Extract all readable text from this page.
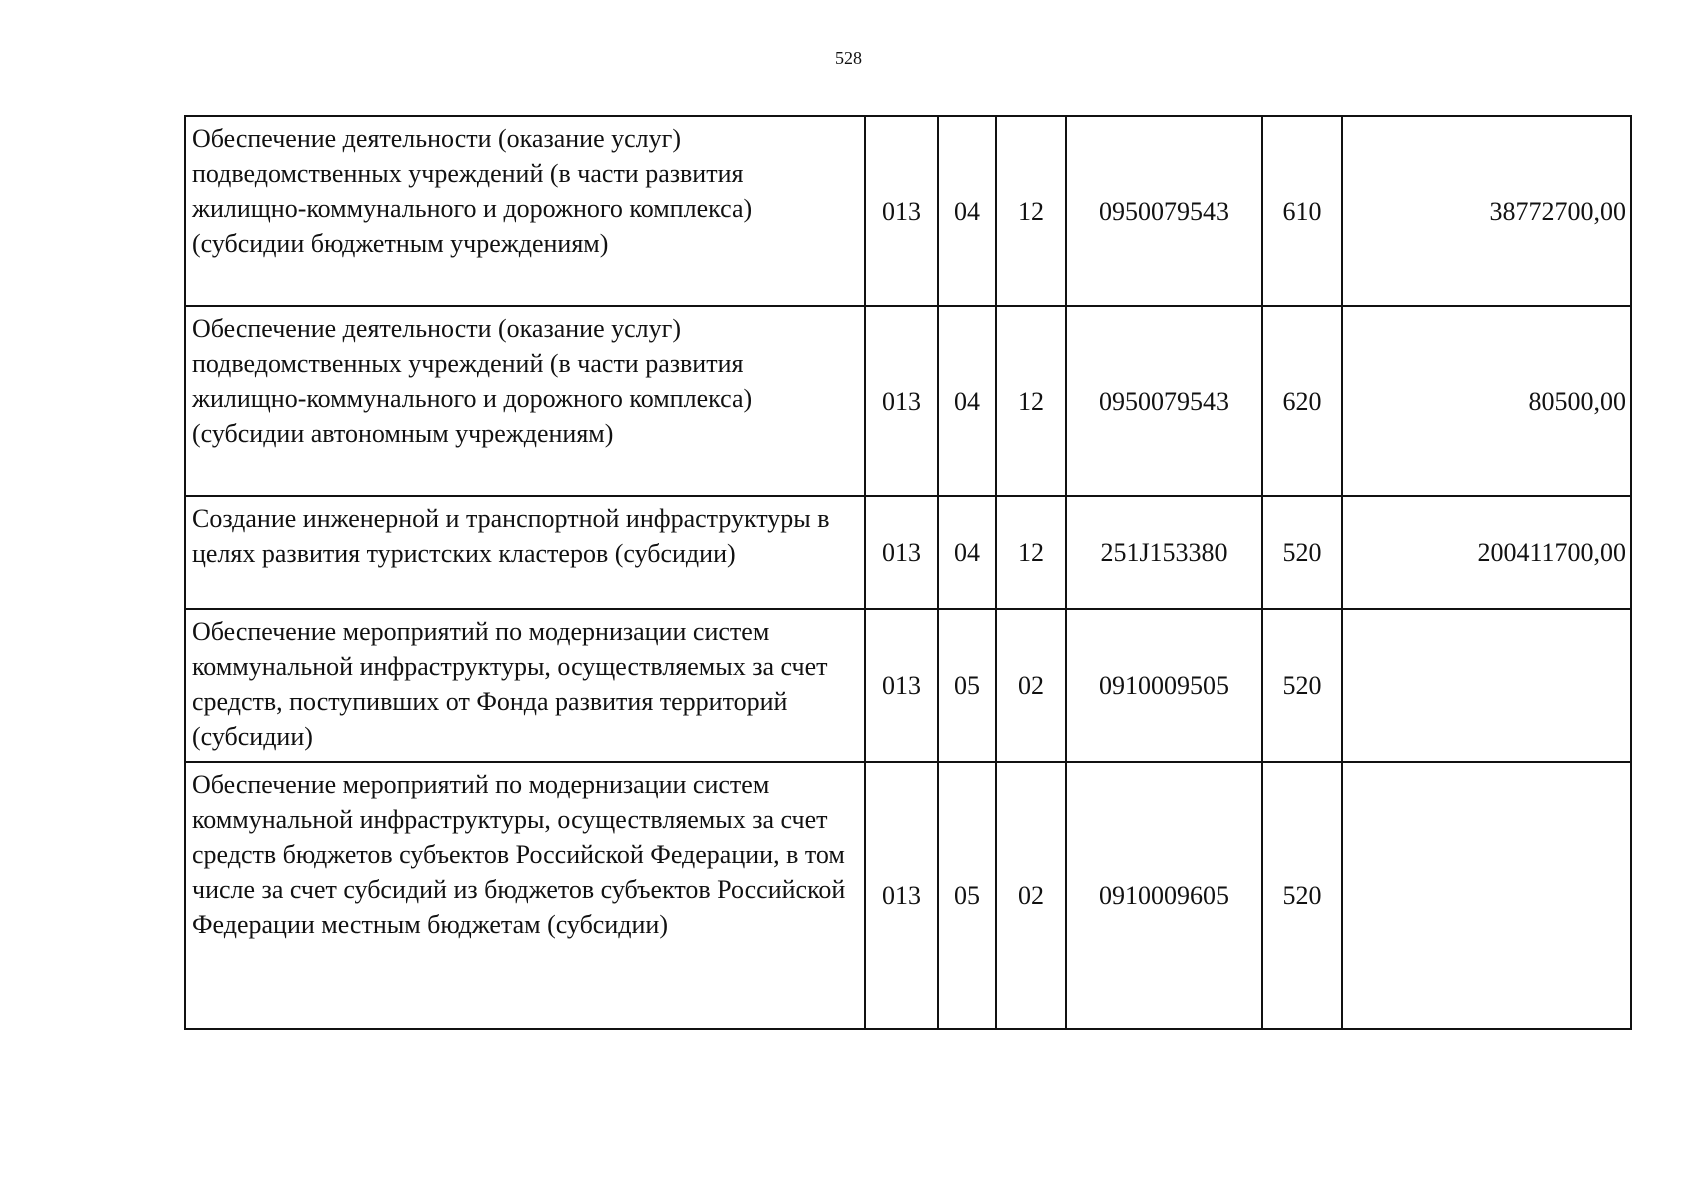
528
Обеспечение деятельности (оказание услуг) подведомственных учреждений (в части развития жилищно-коммунального и дорожного комплекса) (субсидии бюджетным учреждениям)	013	04	12	0950079543	610	38772700,00
Обеспечение деятельности (оказание услуг) подведомственных учреждений (в части развития жилищно-коммунального и дорожного комплекса) (субсидии автономным учреждениям)	013	04	12	0950079543	620	80500,00
Создание инженерной и транспортной инфраструктуры в целях развития туристских кластеров (субсидии)	013	04	12	251J153380	520	200411700,00
Обеспечение мероприятий по модернизации систем коммунальной инфраструктуры, осуществляемых за счет средств, поступивших от Фонда развития территорий (субсидии)	013	05	02	0910009505	520	
Обеспечение мероприятий по модернизации систем коммунальной инфраструктуры, осуществляемых за счет средств бюджетов субъектов Российской Федерации, в том числе за счет субсидий из бюджетов субъектов Российской Федерации местным бюджетам (субсидии)	013	05	02	0910009605	520	
